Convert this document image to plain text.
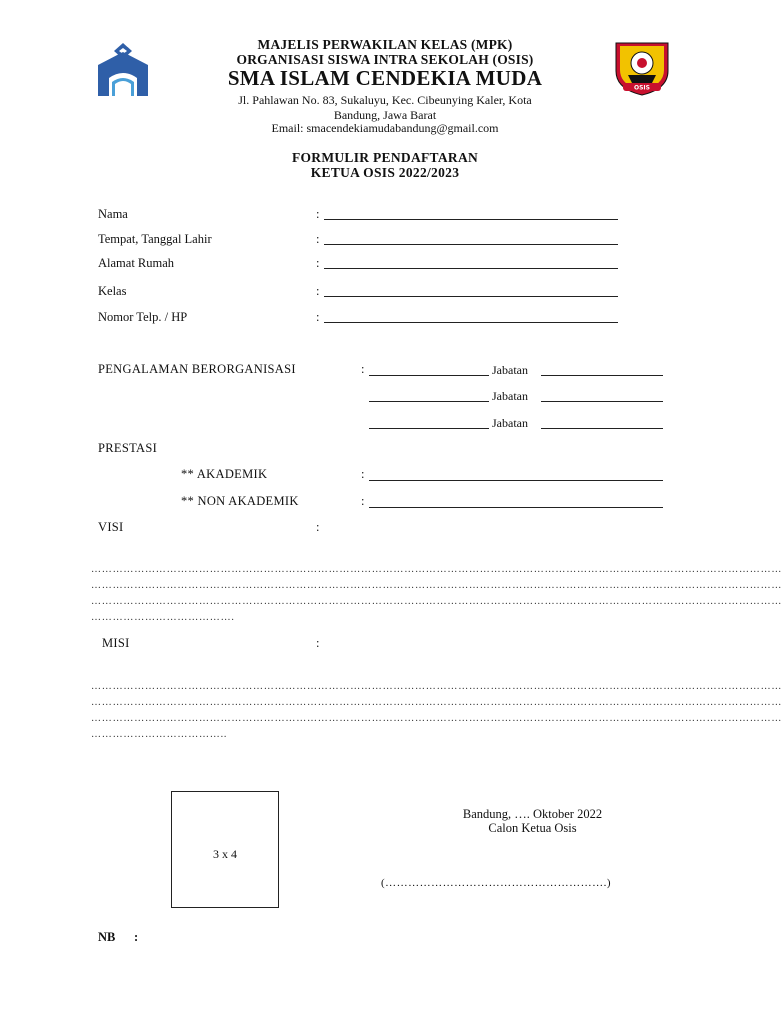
OSIS
MAJELIS PERWAKILAN KELAS (MPK)
ORGANISASI SISWA INTRA SEKOLAH (OSIS)
SMA ISLAM CENDEKIA MUDA
Jl. Pahlawan No. 83, Sukaluyu, Kec. Cibeunying Kaler, Kota
Bandung, Jawa Barat
Email: smacendekiamudabandung@gmail.com
FORMULIR PENDAFTARAN
KETUA OSIS 2022/2023
Nama	:
Tempat, Tanggal Lahir	:
Alamat Rumah	:
Kelas	:
Nomor Telp. / HP	:
PENGALAMAN BERORGANISASI	:	Jabatan
Jabatan
Jabatan
PRESTASI
** AKADEMIK	:
** NON AKADEMIK	:
VISI	:
…………………………………………………………………………………………………………………………………………………………………………
…………………………………………………………………………………………………………………………………………………………………………
…………………………………………………………………………………………………………………………………………………………………………
………………………………….
MISI	:
…………………………………………………………………………………………………………………………………………………………………………
…………………………………………………………………………………………………………………………………………………………………………
…………………………………………………………………………………………………………………………………………………………………………
………………………………..
3 x 4
Bandung, …. Oktober 2022
Calon Ketua Osis
(………………………………………………….)
NB :
